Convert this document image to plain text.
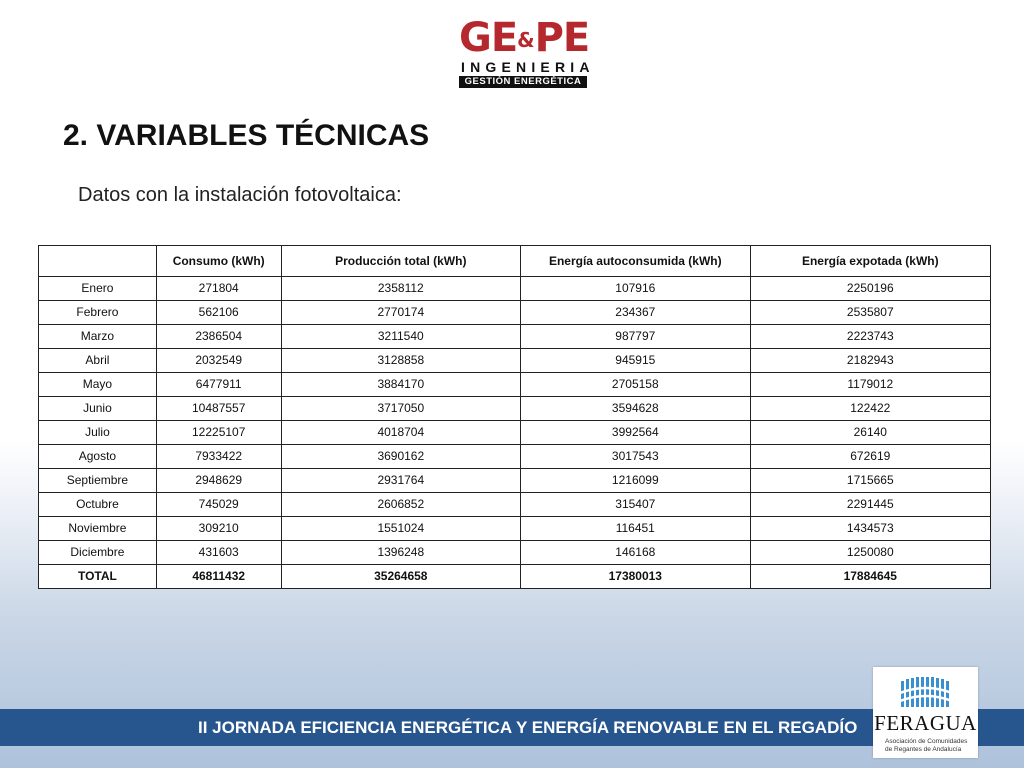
GE&PE
INGENIERIA
GESTIÓN ENERGÉTICA
2. VARIABLES TÉCNICAS

Datos con la instalación fotovoltaica:

	Consumo (kWh)	Producción total (kWh)	Energía autoconsumida (kWh)	Energía expotada (kWh)
Enero	271804	2358112	107916	2250196
Febrero	562106	2770174	234367	2535807
Marzo	2386504	3211540	987797	2223743
Abril	2032549	3128858	945915	2182943
Mayo	6477911	3884170	2705158	1179012
Junio	10487557	3717050	3594628	122422
Julio	12225107	4018704	3992564	26140
Agosto	7933422	3690162	3017543	672619
Septiembre	2948629	2931764	1216099	1715665
Octubre	745029	2606852	315407	2291445
Noviembre	309210	1551024	116451	1434573
Diciembre	431603	1396248	146168	1250080
TOTAL	46811432	35264658	17380013	17884645
II JORNADA EFICIENCIA ENERGÉTICA Y ENERGÍA RENOVABLE EN EL REGADÍO FERAGUA
Asociación de Comunidades
de Regantes de Andalucía
